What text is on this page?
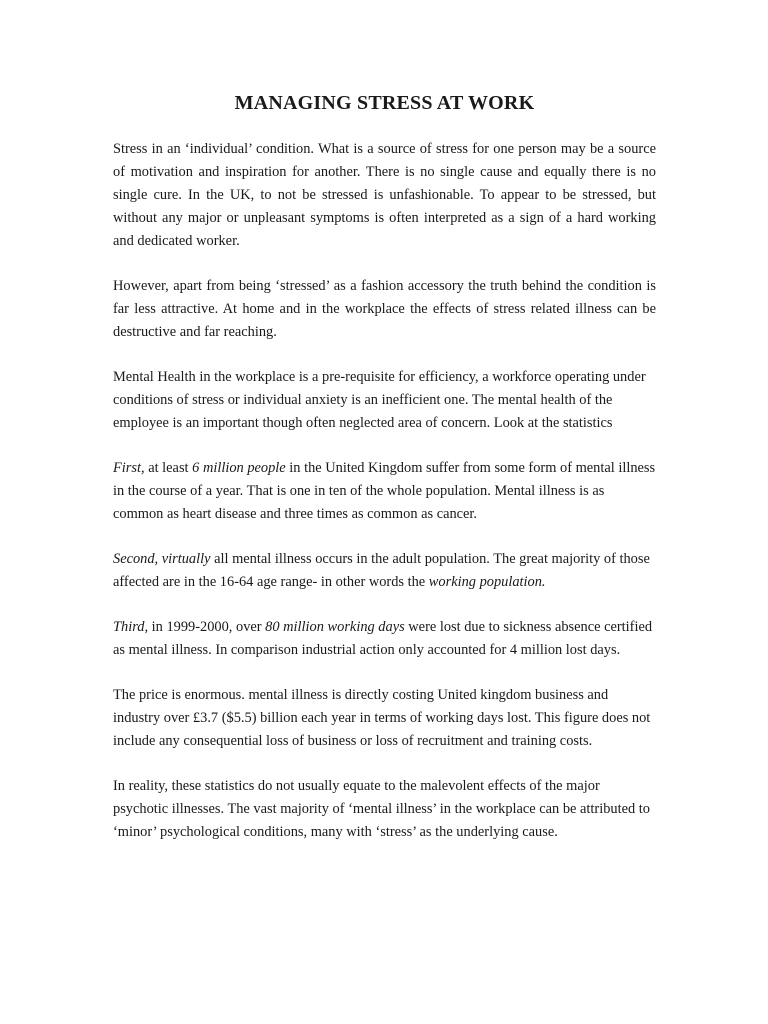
MANAGING STRESS AT WORK

Stress in an ‘individual’ condition. What is a source of stress for one person may be a source of motivation and inspiration for another. There is no single cause and equally there is no single cure. In the UK, to not be stressed is unfashionable. To appear to be stressed, but without any major or unpleasant symptoms is often interpreted as a sign of a hard working and dedicated worker.

However, apart from being ‘stressed’ as a fashion accessory the truth behind the condition is far less attractive. At home and in the workplace the effects of stress related illness can be destructive and far reaching.

Mental Health in the workplace is a pre-requisite for efficiency, a workforce operating under conditions of stress or individual anxiety is an inefficient one. The mental health of the employee is an important though often neglected area of concern. Look at the statistics

First, at least 6 million people in the United Kingdom suffer from some form of mental illness in the course of a year. That is one in ten of the whole population. Mental illness is as common as heart disease and three times as common as cancer.

Second, virtually all mental illness occurs in the adult population. The great majority of those affected are in the 16-64 age range- in other words the working population.

Third, in 1999-2000, over 80 million working days were lost due to sickness absence certified as mental illness. In comparison industrial action only accounted for 4 million lost days.

The price is enormous. mental illness is directly costing United kingdom business and industry over £3.7 ($5.5) billion each year in terms of working days lost. This figure does not include any consequential loss of business or loss of recruitment and training costs.

In reality, these statistics do not usually equate to the malevolent effects of the major psychotic illnesses. The vast majority of ‘mental illness’ in the workplace can be attributed to ‘minor’ psychological conditions, many with ‘stress’ as the underlying cause.
